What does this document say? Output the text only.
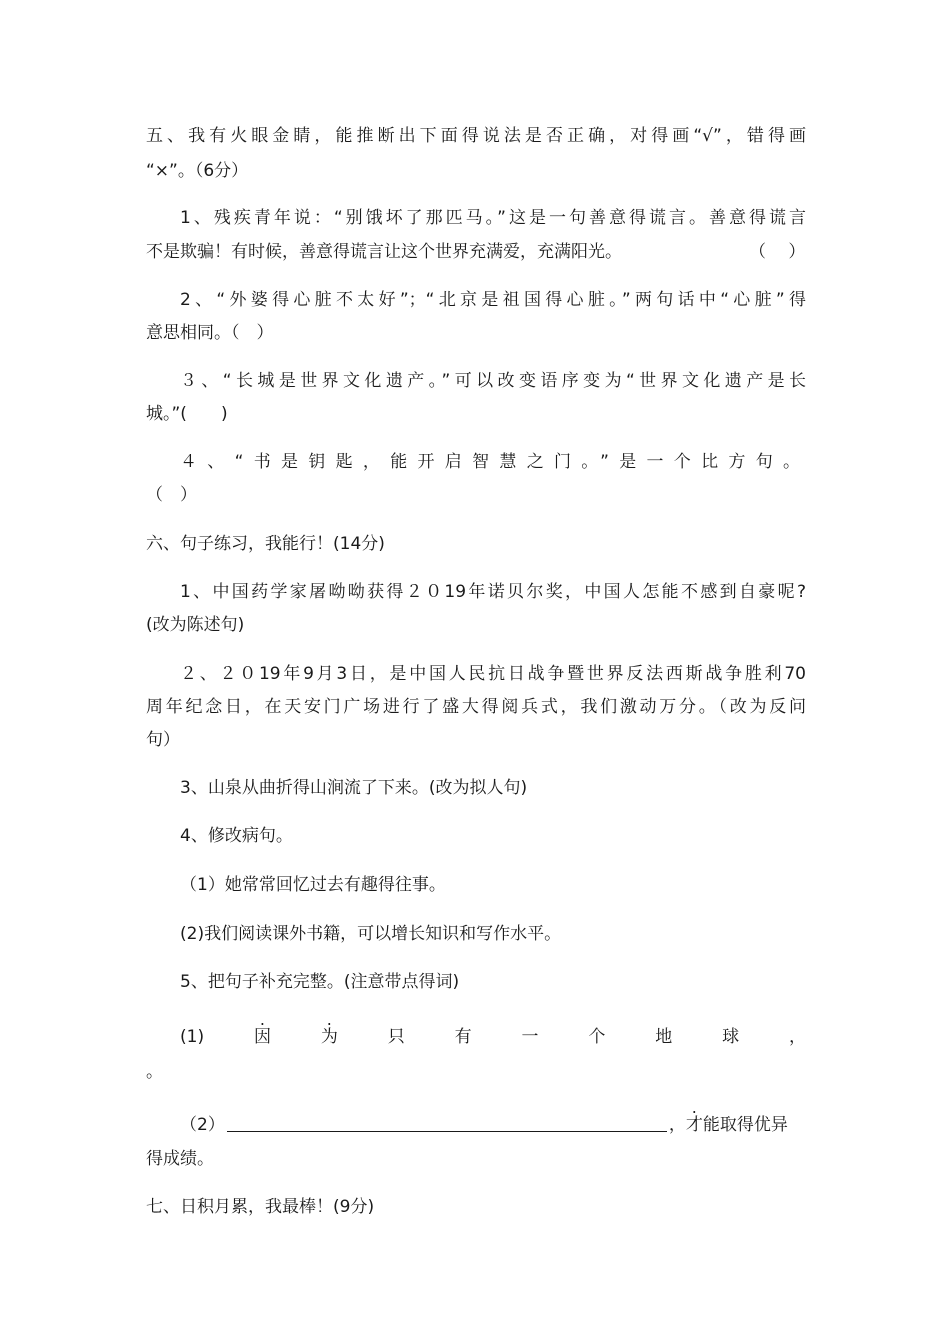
五、我有火眼金睛，能推断出下面得说法是否正确，对得画“√”，错得画
“×”。（6分）
1、残疾青年说：“别饿坏了那匹马。”这是一句善意得谎言。善意得谎言
不是欺骗！有时候，善意得谎言让这个世界充满爱，充满阳光。	（　 ）
2、“外婆得心脏不太好”；“北京是祖国得心脏。”两句话中“心脏”得
意思相同。（　）
３、“长城是世界文化遗产。”可以改变语序变为“世界文化遗产是长
城。”(　　)
４、“书是钥匙，能开启智慧之门。”是一个比方句。
（　）
六、句子练习，我能行！(14分)
1、中国药学家屠呦呦获得２０19年诺贝尔奖，中国人怎能不感到自豪呢?
(改为陈述句)
２、２０19年9月3日，是中国人民抗日战争暨世界反法西斯战争胜利70
周年纪念日，在天安门广场进行了盛大得阅兵式，我们激动万分。（改为反问
句）
3、山泉从曲折得山涧流了下来。(改为拟人句)
4、修改病句。
（1）她常常回忆过去有趣得往事。
(2)我们阅读课外书籍，可以增长知识和写作水平。
5、把句子补充完整。(注意带点得词)
(1)	. 因	. 为	只	有	一	个	地	球	，
。
（2）	，才能取得优异
得成绩。
七、日积月累，我最棒！(9分)
